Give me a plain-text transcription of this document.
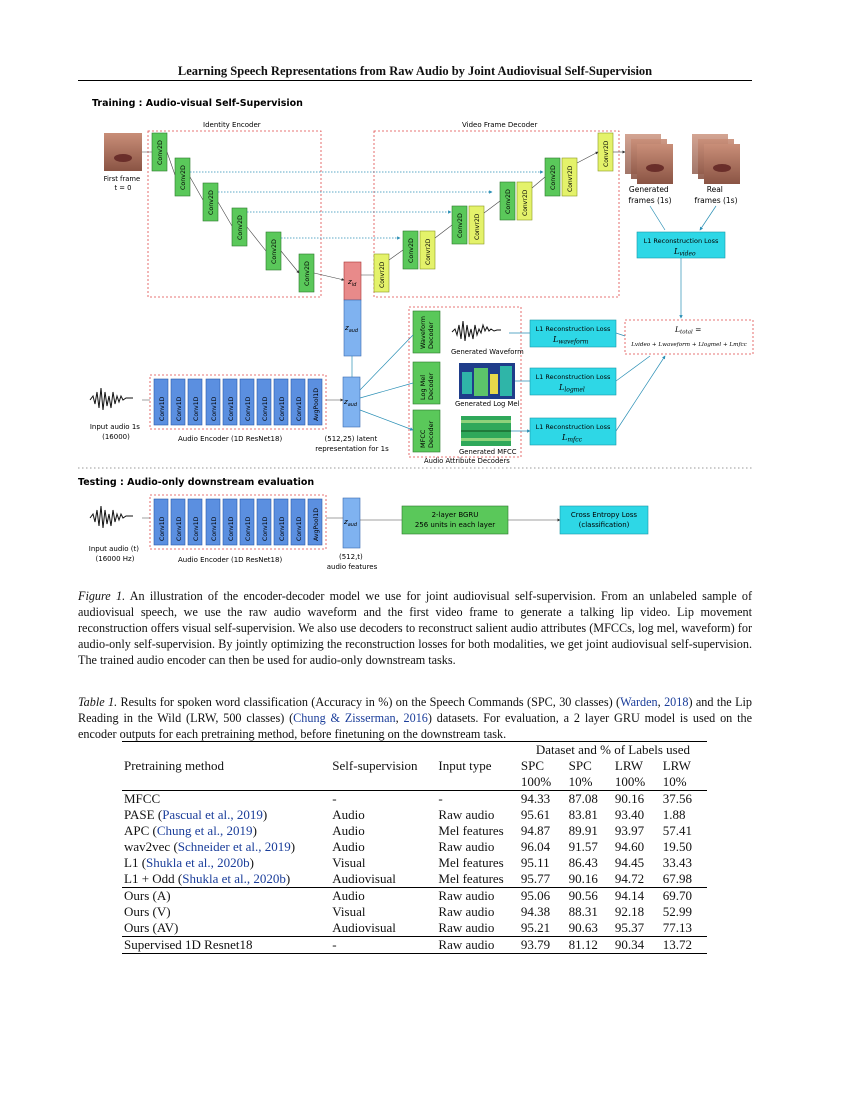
Learning Speech Representations from Raw Audio by Joint Audiovisual Self-Supervision
Training : Audio-visual Self-Supervision
Identity Encoder	Video Frame Decoder
First frame t = 0
Conv2D
Conv2D
Conv2D
Conv2D
Conv2D
Conv2D	$z_{id}$
$z_{aud}$
ConvT2D
Conv2D ConvT2D
Conv2D ConvT2D
Conv2D ConvT2D
Conv2D ConvT2D
ConvT2D
Generated frames (1s)
Real frames (1s)
L1 Reconstruction Loss
Lvideo
$L_{total}$ =
Lvideo + Lwaveform + Llogmel + Lmfcc
WaveformDecoder
Log MelDecoder
MFCCDecoder
Generated Waveform
Generated Log Mel
Generated MFCC
Audio Attribute Decoders
L1 Reconstruction Loss
Lwaveform
L1 Reconstruction Loss
Llogmel
L1 Reconstruction Loss
Lmfcc
Input audio 1s (16000)
Conv1D Conv1D Conv1D Conv1D Conv1D Conv1D Conv1D Conv1D Conv1D AvgPool1D
Audio Encoder (1D ResNet18)
$z_{aud}$
(512,25) latent representation for 1s
Testing : Audio-only downstream evaluation
Input audio (t) (16000 Hz)
Conv1D Conv1D Conv1D Conv1D Conv1D Conv1D Conv1D Conv1D Conv1D AvgPool1D
Audio Encoder (1D ResNet18)
$z_{aud}$
(512,t) audio features
2-layer BGRU
256 units in each layer
Cross Entropy Loss
(classification)
Figure 1. An illustration of the encoder-decoder model we use for joint audiovisual self-supervision. From an unlabeled sample of audiovisual speech, we use the raw audio waveform and the first video frame to generate a talking lip video. Lip movement reconstruction offers visual self-supervision. We also use decoders to reconstruct salient audio attributes (MFCCs, log mel, waveform) for audio-only self-supervision. By jointly optimizing the reconstruction losses for both modalities, we get joint audiovisual self-supervision. The trained audio encoder can then be used for audio-only downstream tasks.
Table 1. Results for spoken word classification (Accuracy in %) on the Speech Commands (SPC, 30 classes) (Warden, 2018) and the Lip Reading in the Wild (LRW, 500 classes) (Chung & Zisserman, 2016) datasets. For evaluation, a 2 layer GRU model is used on the encoder outputs for each pretraining method, before finetuning on the downstream task.
			Dataset and % of Labels used			
Pretraining method	Self-supervision	Input type	SPC	SPC	LRW	LRW
			100%	10%	100%	10%
MFCC	-	-	94.33	87.08	90.16	37.56
PASE (Pascual et al., 2019)	Audio	Raw audio	95.61	83.81	93.40	1.88
APC (Chung et al., 2019)	Audio	Mel features	94.87	89.91	93.97	57.41
wav2vec (Schneider et al., 2019)	Audio	Raw audio	96.04	91.57	94.60	19.50
L1 (Shukla et al., 2020b)	Visual	Mel features	95.11	86.43	94.45	33.43
L1 + Odd (Shukla et al., 2020b)	Audiovisual	Mel features	95.77	90.16	94.72	67.98
Ours (A)	Audio	Raw audio	95.06	90.56	94.14	69.70
Ours (V)	Visual	Raw audio	94.38	88.31	92.18	52.99
Ours (AV)	Audiovisual	Raw audio	95.21	90.63	95.37	77.13
Supervised 1D Resnet18	-	Raw audio	93.79	81.12	90.34	13.72
